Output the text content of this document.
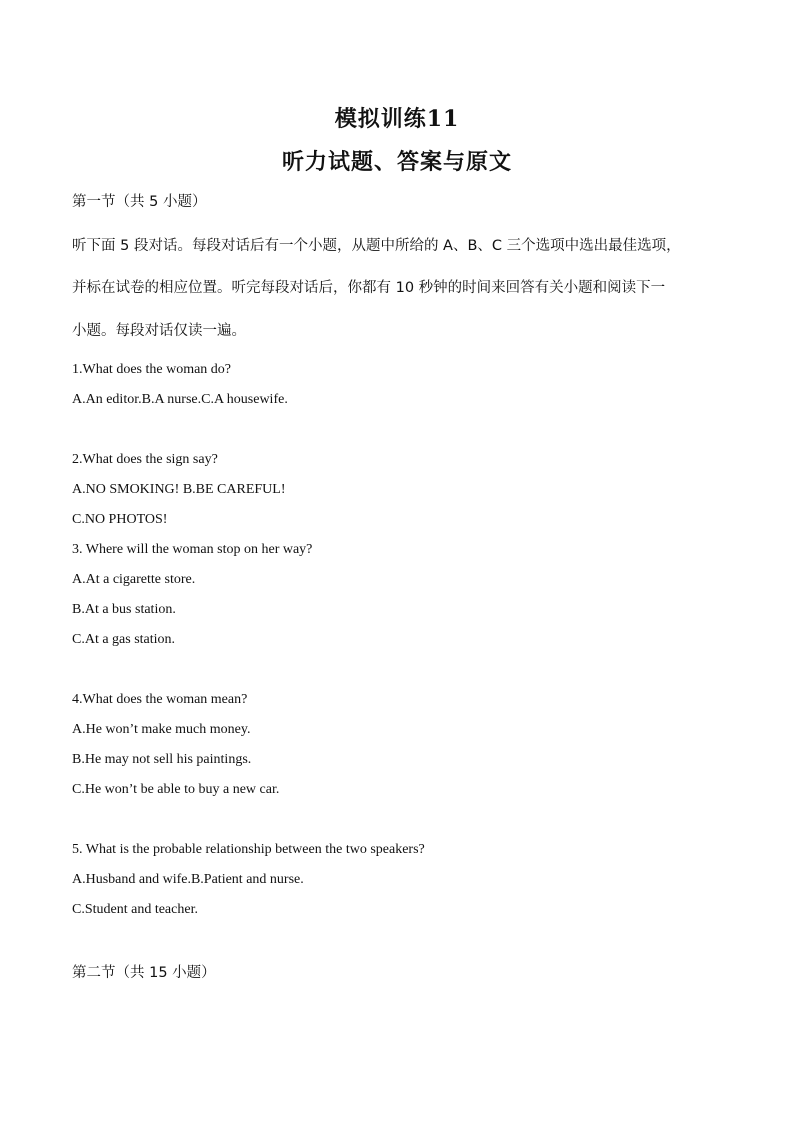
模拟训练11
听力试题、答案与原文
第一节（共 5 小题）
听下面 5 段对话。每段对话后有一个小题，从题中所给的 A、B、C 三个选项中选出最佳选项，
并标在试卷的相应位置。听完每段对话后，你都有 10 秒钟的时间来回答有关小题和阅读下一
小题。每段对话仅读一遍。
1.What does the woman do?
A.An editor.B.A nurse.C.A housewife.
2.What does the sign say?
A.NO SMOKING! B.BE CAREFUL!
C.NO PHOTOS!
3. Where will the woman stop on her way?
A.At a cigarette store.
B.At a bus station.
C.At a gas station.
4.What does the woman mean?
A.He won’t make much money.
B.He may not sell his paintings.
C.He won’t be able to buy a new car.
5. What is the probable relationship between the two speakers?
A.Husband and wife.B.Patient and nurse.
C.Student and teacher.
第二节（共 15 小题）
